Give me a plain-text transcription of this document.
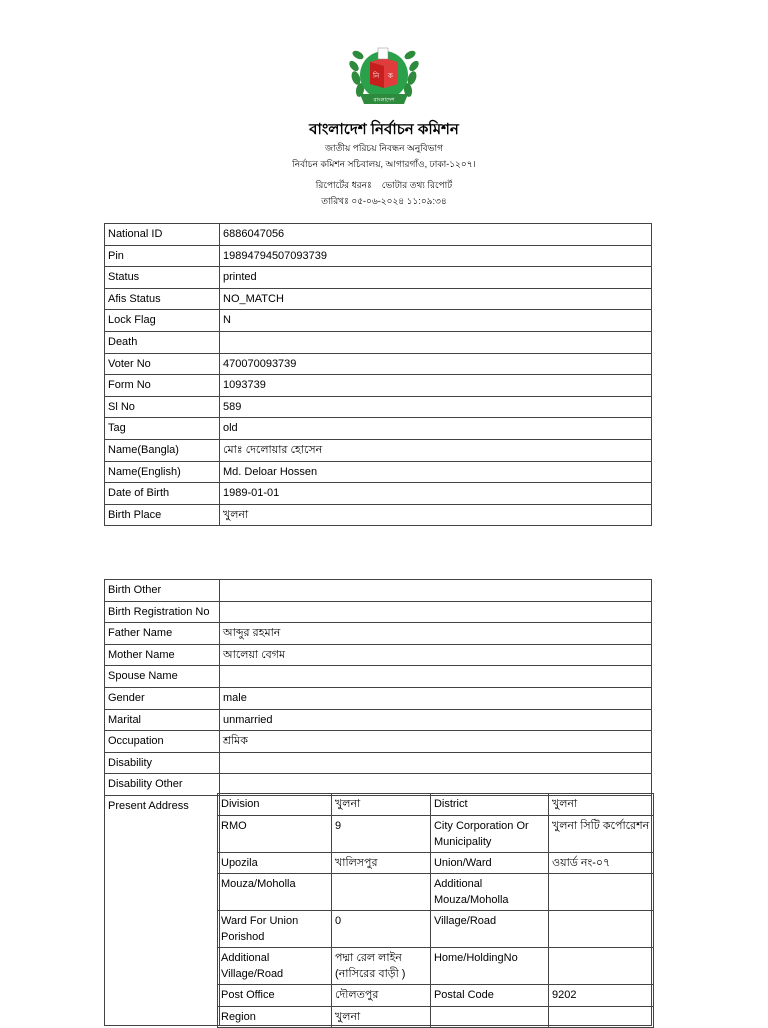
নি ক
বাংলাদেশ
বাংলাদেশ নির্বাচন কমিশন
জাতীয় পরিচয় নিবন্ধন অনুবিভাগ
নির্বাচন কমিশন সচিবালয়, আগারগাঁও, ঢাকা-১২০৭।
রিপোর্টের ধরনঃ    ভোটার তথ্য রিপোর্ট
তারিখঃ ০৫-০৬-২০২৪ ১১:০৯:৩৪
National ID	6886047056
Pin	19894794507093739
Status	printed
Afis Status	NO_MATCH
Lock Flag	N
Death	
Voter No	470070093739
Form No	1093739
Sl No	589
Tag	old
Name(Bangla)	মোঃ দেলোয়ার হোসেন
Name(English)	Md. Deloar Hossen
Date of Birth	1989-01-01
Birth Place	খুলনা
Birth Other	
Birth Registration No	
Father Name	আব্দুর রহমান
Mother Name	আলেয়া বেগম
Spouse Name	
Gender	male
Marital	unmarried
Occupation	শ্রমিক
Disability	
Disability Other	
Present Address		Division	খুলনা	District	খুলনা
RMO	9	City Corporation Or Municipality	খুলনা সিটি কর্পোরেশন
Upozila	খালিসপুর	Union/Ward	ওয়ার্ড নং-০৭
Mouza/Moholla		Additional Mouza/Moholla	
Ward For Union Porishod	0	Village/Road	
Additional Village/Road	পদ্মা রেল লাইন (নাসিরের বাড়ী )	Home/HoldingNo	
Post Office	দৌলতপুর	Postal Code	9202
Region	খুলনা		
